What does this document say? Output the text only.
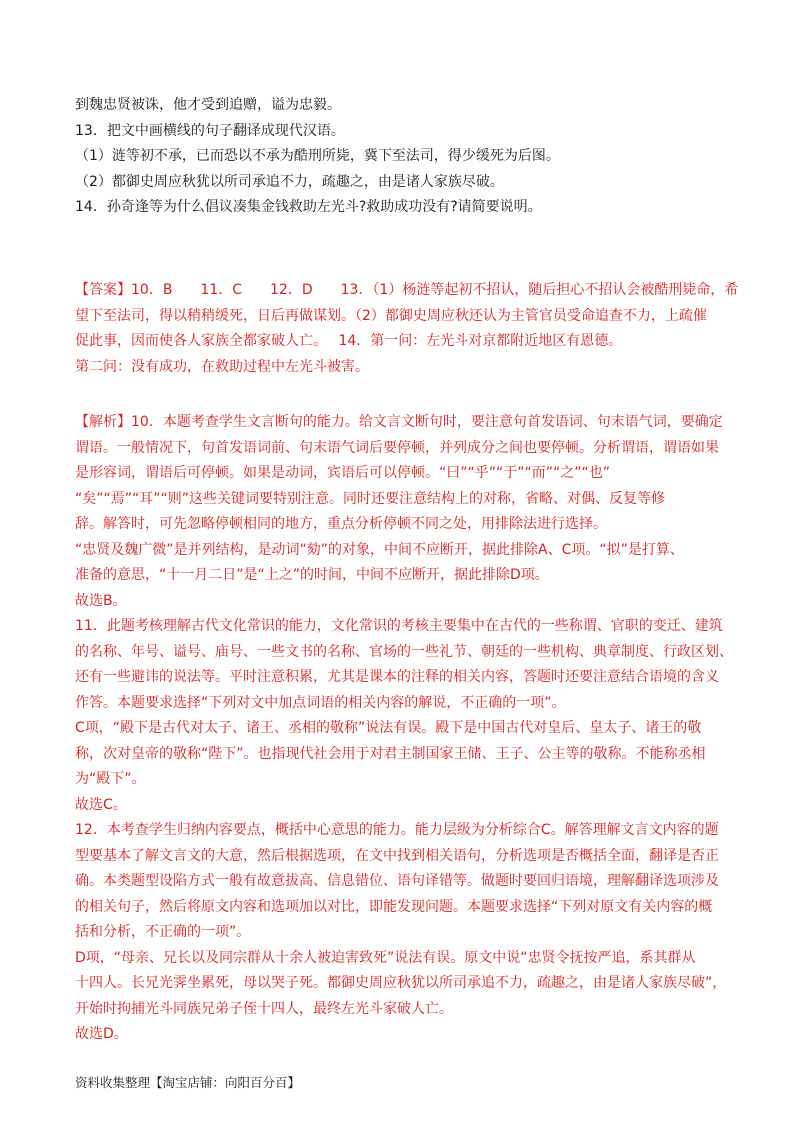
到魏忠贤被诛，他才受到追赠，谥为忠毅。
13．把文中画横线的句子翻译成现代汉语。
（1）涟等初不承，已而恐以不承为酷刑所毙，冀下至法司，得少缓死为后图。
（2）都御史周应秋犹以所司承追不力，疏趣之，由是诸人家族尽破。
14．孙奇逢等为什么倡议凑集金钱救助左光斗?救助成功没有?请简要说明。
【答案】10．B　　11．C　　12．D　　13．（1）杨涟等起初不招认，随后担心不招认会被酷刑毙命，希
望下至法司，得以稍稍缓死，日后再做谋划。（2）都御史周应秋还认为主管官员受命追查不力，上疏催
促此事，因而使各人家族全都家破人亡。　 14．第一问：左光斗对京都附近地区有恩德。
第二问：没有成功，在救助过程中左光斗被害。
【解析】10．本题考查学生文言断句的能力。给文言文断句时，要注意句首发语词、句末语气词，要确定
谓语。一般情况下，句首发语词前、句末语气词后要停顿，并列成分之间也要停顿。分析谓语，谓语如果
是形容词，谓语后可停顿。如果是动词，宾语后可以停顿。“曰”“乎”“于”“而”“之”“也”
“矣”“焉”“耳”“则”这些关键词要特别注意。同时还要注意结构上的对称，省略、对偶、反复等修
辞。解答时，可先忽略停顿相同的地方，重点分析停顿不同之处，用排除法进行选择。
“忠贤及魏广微”是并列结构，是动词“劾”的对象，中间不应断开，据此排除A、C项。“拟”是打算、
准备的意思，“十一月二日”是“上之”的时间，中间不应断开，据此排除D项。
故选B。
11．此题考核理解古代文化常识的能力，文化常识的考核主要集中在古代的一些称谓、官职的变迁、建筑
的名称、年号、谥号、庙号、一些文书的名称、官场的一些礼节、朝廷的一些机构、典章制度、行政区划、
还有一些避讳的说法等。平时注意积累，尤其是课本的注释的相关内容，答题时还要注意结合语境的含义
作答。本题要求选择“下列对文中加点词语的相关内容的解说，不正确的一项”。
C项，“殿下是古代对太子、诸王、丞相的敬称”说法有误。殿下是中国古代对皇后、皇太子、诸王的敬
称，次对皇帝的敬称“陛下”。也指现代社会用于对君主制国家王储、王子、公主等的敬称。不能称丞相
为“殿下”。
故选C。
12．本考查学生归纳内容要点，概括中心意思的能力。能力层级为分析综合C。解答理解文言文内容的题
型要基本了解文言文的大意，然后根据选项，在文中找到相关语句，分析选项是否概括全面，翻译是否正
确。本类题型设陷方式一般有故意拔高、信息错位、语句译错等。做题时要回归语境，理解翻译选项涉及
的相关句子，然后将原文内容和选项加以对比，即能发现问题。本题要求选择“下列对原文有关内容的概
括和分析，不正确的一项”。
D项，“母亲、兄长以及同宗群从十余人被迫害致死”说法有误。原文中说“忠贤令抚按严追，系其群从
十四人。长兄光霁坐累死，母以哭子死。都御史周应秋犹以所司承追不力，疏趣之，由是诸人家族尽破”，
开始时拘捕光斗同族兄弟子侄十四人，最终左光斗家破人亡。
故选D。
资料收集整理【淘宝店铺：向阳百分百】
